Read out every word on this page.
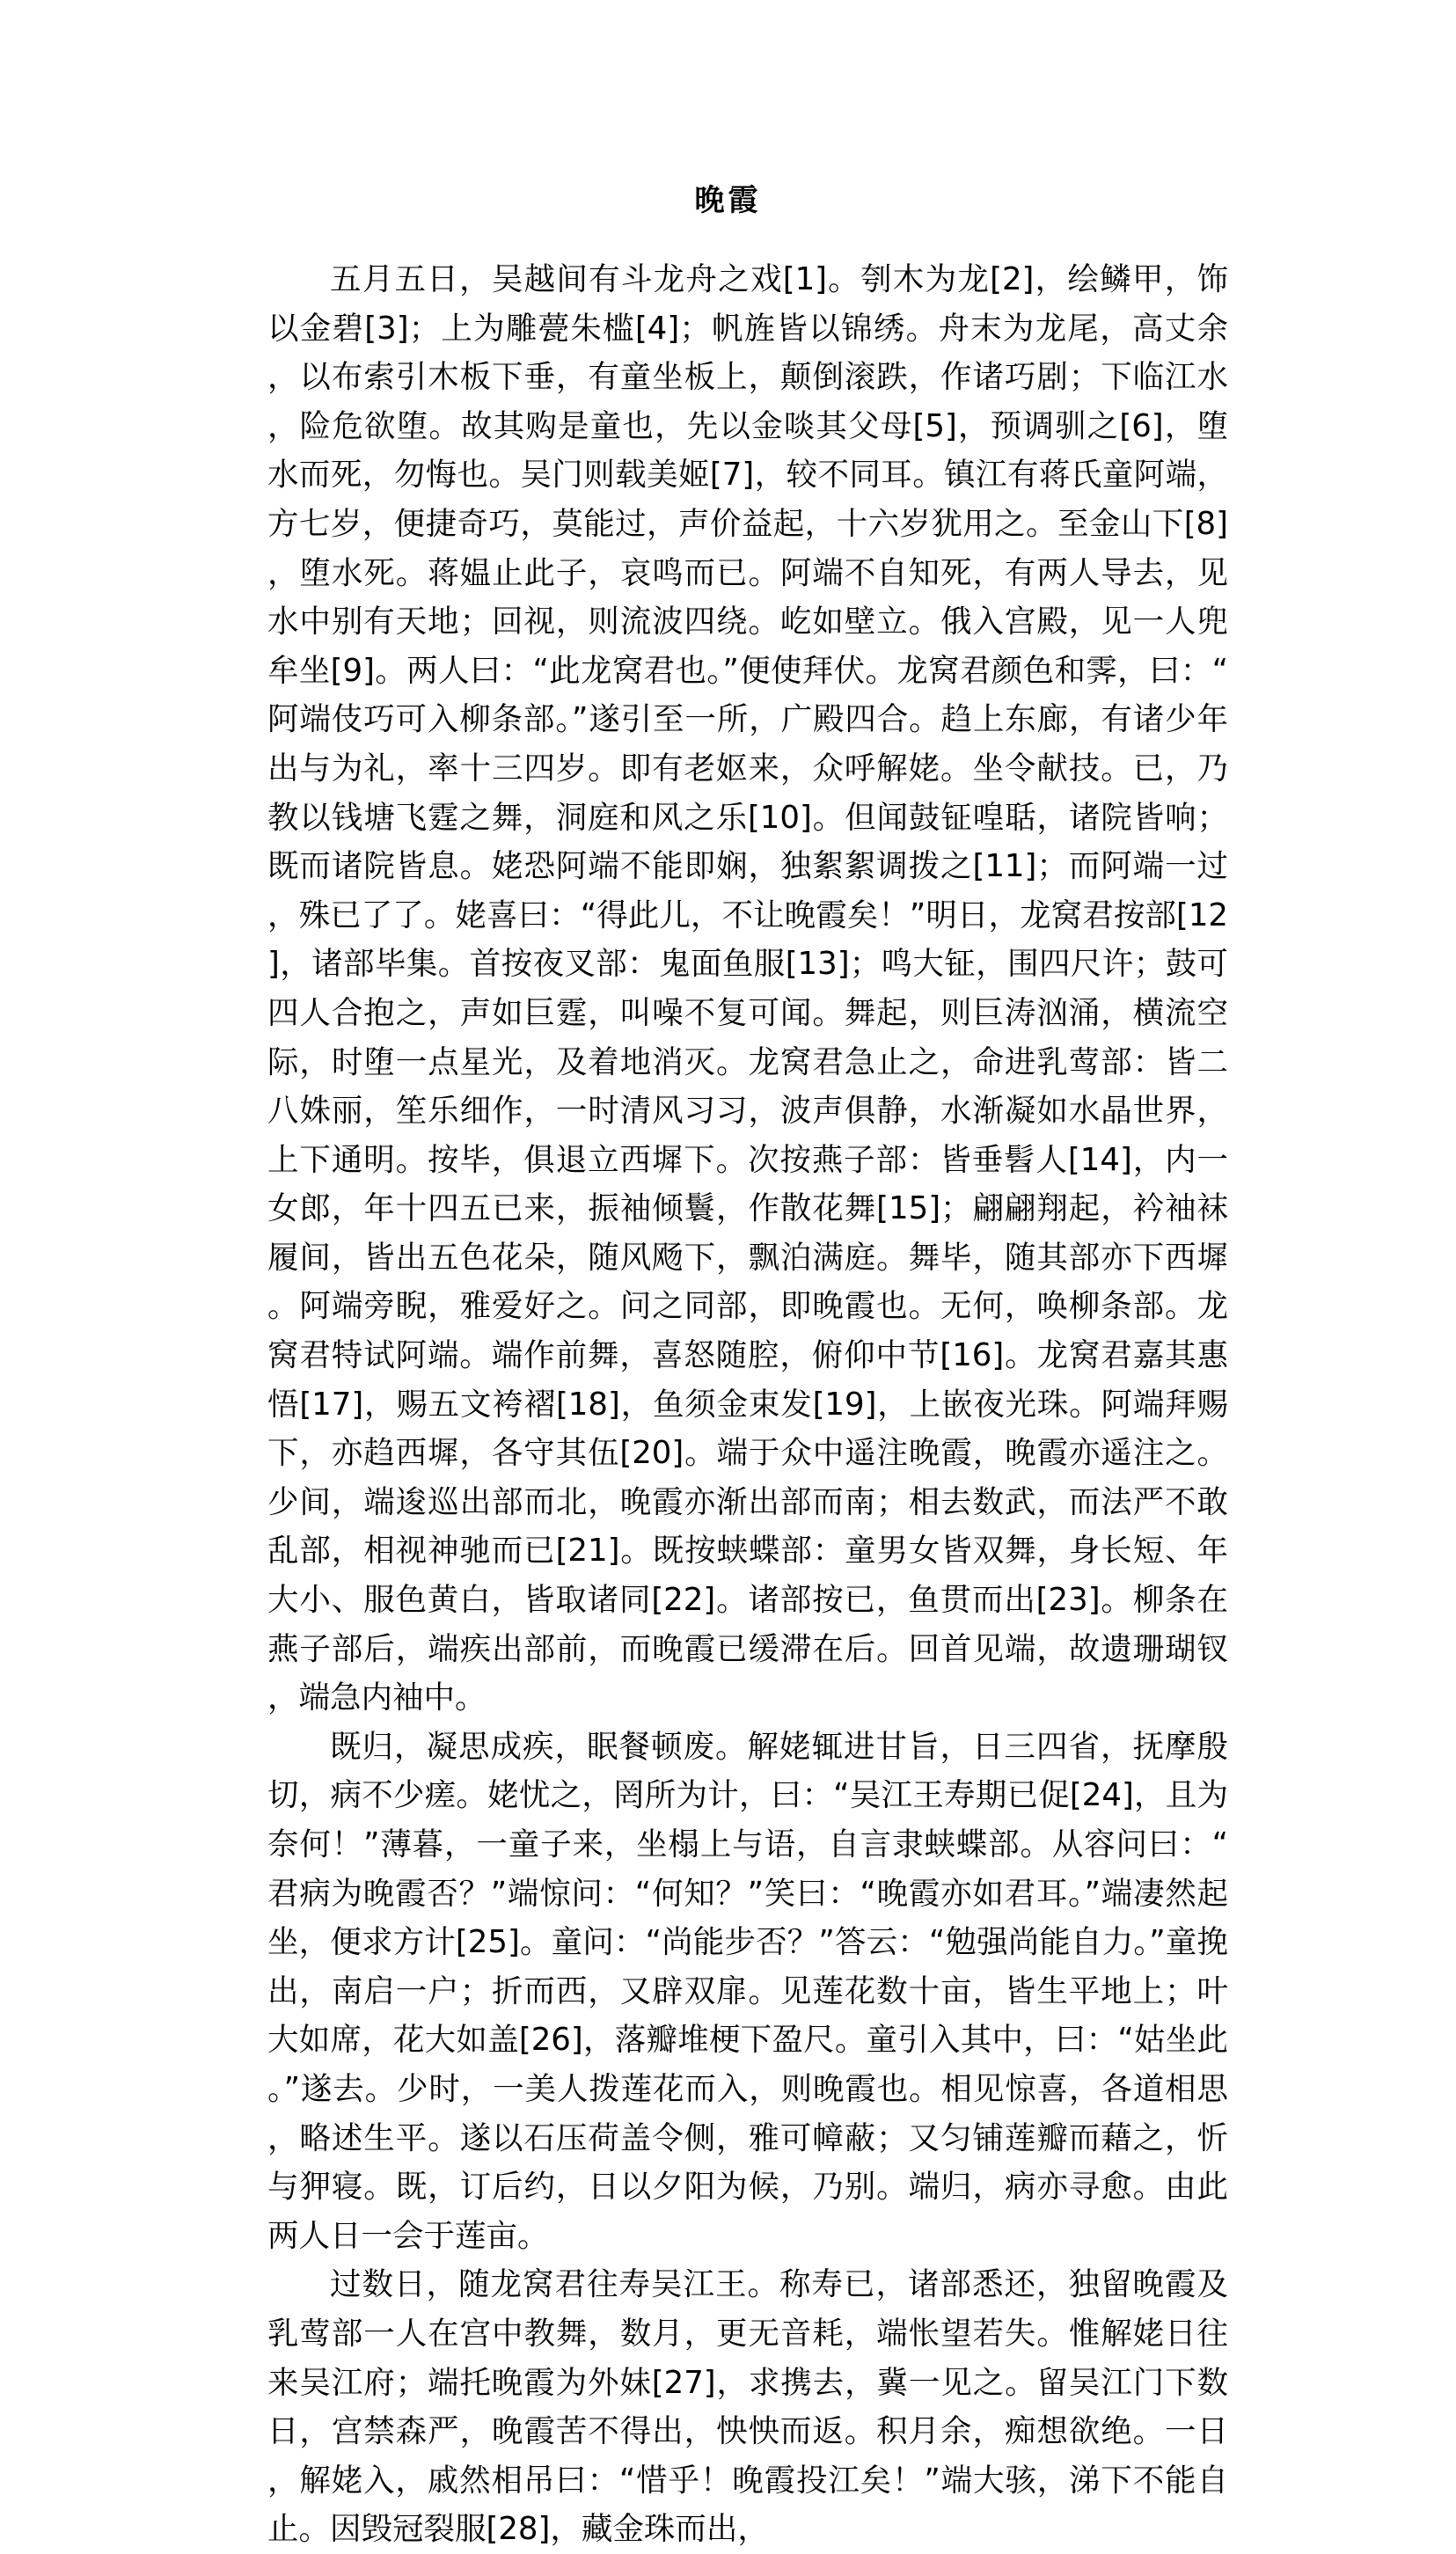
晚霞

五月五日，吴越间有斗龙舟之戏[1]。刳木为龙[2]，绘鳞甲，饰以金碧[3]；上为雕甍朱槛[4]；帆旌皆以锦绣。舟末为龙尾，高丈余，以布索引木板下垂，有童坐板上，颠倒滚跌，作诸巧剧；下临江水，险危欲堕。故其购是童也，先以金啖其父母[5]，预调驯之[6]，堕水而死，勿悔也。吴门则载美姬[7]，较不同耳。镇江有蒋氏童阿端，方七岁，便捷奇巧，莫能过，声价益起，十六岁犹用之。至金山下[8]，堕水死。蒋媪止此子，哀鸣而已。阿端不自知死，有两人导去，见水中别有天地；回视，则流波四绕。屹如壁立。俄入宫殿，见一人兜牟坐[9]。两人曰：“此龙窝君也。”便使拜伏。龙窝君颜色和霁，曰：“阿端伎巧可入柳条部。”遂引至一所，广殿四合。趋上东廊，有诸少年出与为礼，率十三四岁。即有老妪来，众呼解姥。坐令献技。已，乃教以钱塘飞霆之舞，洞庭和风之乐[10]。但闻鼓钲喤聒，诸院皆响；既而诸院皆息。姥恐阿端不能即娴，独絮絮调拨之[11]；而阿端一过，殊已了了。姥喜曰：“得此儿，不让晚霞矣！”明日，龙窝君按部[12]，诸部毕集。首按夜叉部：鬼面鱼服[13]；鸣大钲，围四尺许；鼓可四人合抱之，声如巨霆，叫噪不复可闻。舞起，则巨涛汹涌，横流空际，时堕一点星光，及着地消灭。龙窝君急止之，命进乳莺部：皆二八姝丽，笙乐细作，一时清风习习，波声俱静，水渐凝如水晶世界，上下通明。按毕，俱退立西墀下。次按燕子部：皆垂髫人[14]，内一女郎，年十四五已来，振袖倾鬟，作散花舞[15]；翩翩翔起，衿袖袜履间，皆出五色花朵，随风飏下，飘泊满庭。舞毕，随其部亦下西墀。阿端旁睨，雅爱好之。问之同部，即晚霞也。无何，唤柳条部。龙窝君特试阿端。端作前舞，喜怒随腔，俯仰中节[16]。龙窝君嘉其惠悟[17]，赐五文袴褶[18]，鱼须金束发[19]，上嵌夜光珠。阿端拜赐下，亦趋西墀，各守其伍[20]。端于众中遥注晚霞，晚霞亦遥注之。少间，端逡巡出部而北，晚霞亦渐出部而南；相去数武，而法严不敢乱部，相视神驰而已[21]。既按蛱蝶部：童男女皆双舞，身长短、年大小、服色黄白，皆取诸同[22]。诸部按已，鱼贯而出[23]。柳条在燕子部后，端疾出部前，而晚霞已缓滞在后。回首见端，故遗珊瑚钗，端急内袖中。

既归，凝思成疾，眠餐顿废。解姥辄进甘旨，日三四省，抚摩殷切，病不少瘥。姥忧之，罔所为计，曰：“吴江王寿期已促[24]，且为奈何！”薄暮，一童子来，坐榻上与语，自言隶蛱蝶部。从容问曰：“君病为晚霞否？”端惊问：“何知？”笑曰：“晚霞亦如君耳。”端凄然起坐，便求方计[25]。童问：“尚能步否？”答云：“勉强尚能自力。”童挽出，南启一户；折而西，又辟双扉。见莲花数十亩，皆生平地上；叶大如席，花大如盖[26]，落瓣堆梗下盈尺。童引入其中，曰：“姑坐此。”遂去。少时，一美人拨莲花而入，则晚霞也。相见惊喜，各道相思，略述生平。遂以石压荷盖令侧，雅可幛蔽；又匀铺莲瓣而藉之，忻与狎寝。既，订后约，日以夕阳为候，乃别。端归，病亦寻愈。由此两人日一会于莲亩。

过数日，随龙窝君往寿吴江王。称寿已，诸部悉还，独留晚霞及乳莺部一人在宫中教舞，数月，更无音耗，端怅望若失。惟解姥日往来吴江府；端托晚霞为外妹[27]，求携去，冀一见之。留吴江门下数日，宫禁森严，晚霞苦不得出，怏怏而返。积月余，痴想欲绝。一日，解姥入，戚然相吊曰：“惜乎！晚霞投江矣！”端大骇，涕下不能自止。因毁冠裂服[28]，藏金珠而出，
